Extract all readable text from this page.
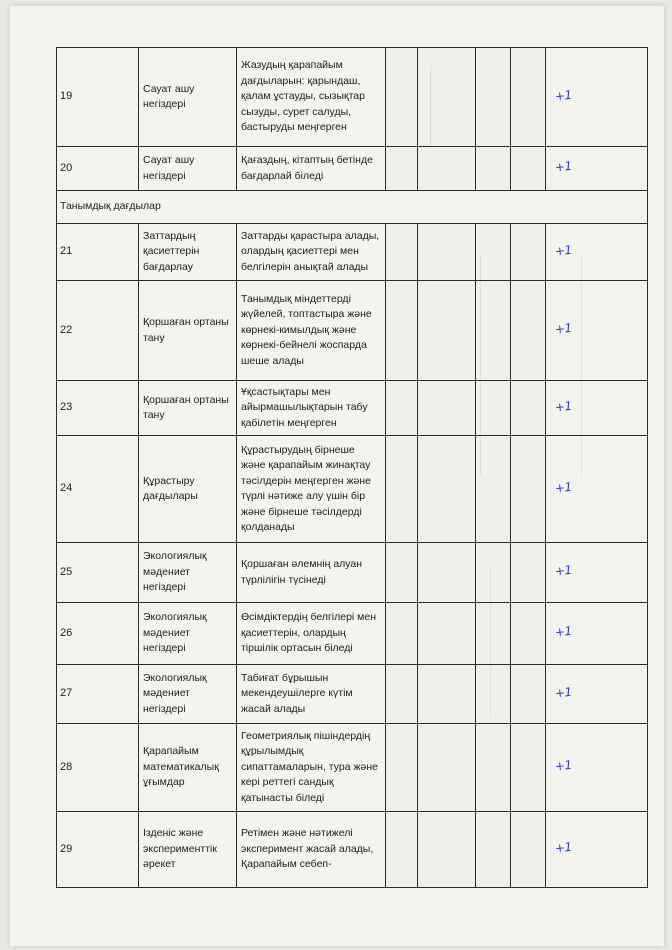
19	Сауат ашу негіздері	Жазудың қарапайым дағдыларын: қарындаш, қалам ұстауды, сызықтар сызуды, сурет салуды, бастыруды меңгерген					+1
20	Сауат ашу негіздері	Қағаздың, кітаптың бетінде бағдарлай біледі					+1
Танымдық дағдылар							
21	Заттардың қасиеттерін бағдарлау	Заттарды қарастыра алады, олардың қасиеттері мен белгілерін анықтай алады					+1
22	Қоршаған ортаны тану	Танымдық міндеттерді жүйелей, топтастыра және көрнекі-кимылдық және көрнекі-бейнелі жоспарда шеше алады					+1
23	Қоршаған ортаны тану	Ұқсастықтары мен айырмашылықтарын табу қабілетін меңгерген					+1
24	Құрастыру дағдылары	Құрастырудың бірнеше және қарапайым жинақтау тәсілдерін меңгерген және түрлі нәтиже алу үшін бір және бірнеше тәсілдерді қолданады					+1
25	Экологиялық мәдениет негіздері	Қоршаған әлемнің алуан түрлілігін түсінеді					+1
26	Экологиялық мәдениет негіздері	Өсімдіктердің белгілері мен қасиеттерін, олардың тіршілік ортасын біледі					+1
27	Экологиялық мәдениет негіздері	Табиғат бұрышын мекендеушілерге күтім жасай алады					+1
28	Қарапайым математикалық ұғымдар	Геометриялық пішіндердің құрылымдық сипаттамаларын, тура және кері реттегі сандық қатынасты біледі					+1
29	Ізденіс және эксперименттік әрекет	Ретімен және нәтижелі эксперимент жасай алады, Қарапайым себеп-					+1
